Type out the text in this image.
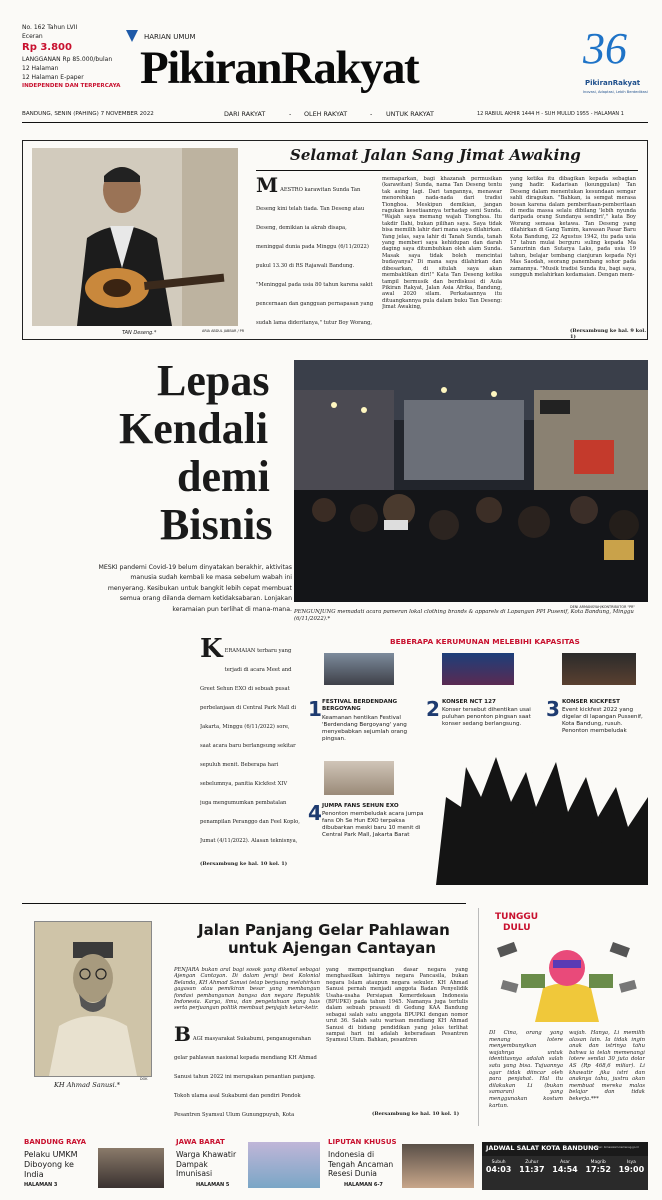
No. 162 Tahun LVII
Eceran
Rp 3.800
LANGGANAN Rp 85.000/bulan
12 Halaman
12 Halaman E-paper
INDEPENDEN DAN TERPERCAYA
HARIAN UMUM
PikiranRakyat	36
PikiranRakyat
Inovasi, Adaptasi, Lebih Berdedikasi
BANDUNG, SENIN (PAHING) 7 NOVEMBER 2022	DARI RAKYAT	- OLEH RAKYAT	- UNTUK RAKYAT	12 RABIUL AKHIR 1444 H - SUH MULUD 1955 - HALAMAN 1
ARIA ABDUL JABBAR / PR
TAN Deseng.*
Selamat Jalan Sang Jimat Awaking
M AESTRO karawitan Sunda Tan Deseng kini telah tiada. Tan Deseng atau Deseng, demikian ia akrab disapa, meninggal dunia pada Minggu (6/11/2022) pukul 13.30 di RS Rajawali Bandung. "Meninggal pada usia 80 tahun karena sakit pencernaan dan gangguan pernapasan yang sudah lama dideritanya," tutur Boy Worang,
memaparkan, bagi khazanah permusikan (karawitan) Sunda, nama Tan Deseng tentu tak asing lagi. Dari tangannya, menawar menorehkan nada-nada dari tradisi Tionghoa. Meskipun demikian, jangan ragukan kesetiaannya terhadap seni Sunda. "Wajah saya memang wajah Tionghoa. Itu takdir Ilahi, bukan pilihan saya. Saya tidak bisa memilih lahir dari mana saya dilahirkan. Yang jelas, saya lahir di Tanah Sunda, tanah yang memberi saya kehidupan dan darah daging saya ditumbuhkan oleh alam Sunda. Masak saya tidak boleh mencintai budayanya? Di mana saya dilahirkan dan dibesarkan, di situlah saya akan membaktikan diri!" Kata Tan Deseng ketika tampil bermusik dan berdiskusi di Aula Pikiran Rakyat, Jalan Asia Afrika, Bandung, awal 2020 silam. Perkataannya itu dituangkannya pula dalam buku Tan Deseng: Jimat Awaking,
yang ketika itu dibagikan kepada sebagian yang hadir. Kadarisan (keunggulan) Tan Deseng dalam menentukan kesundaan semgar sahli diragukan. "Bahkan, ia semgat merasa bosan karena dalam pemberitaan-pemberitaan di media massa selalu dibilang 'lebih nyunda daripada orang Sundanya sendiri'," kata Boy Worang semasa ketawa. Tan Deseng yang dilahirkan di Gang Tamim, kawasan Pasar Baru Kota Bandung, 22 Agustus 1942, itu pada usia 17 tahun mulai berguru suling kepada Ma Sanurinin dan Sutarya Laks, pada usia 19 tahun, belajar tembang cianjuran kepada Nyi Mas Saodah, seorang panembang sohor pada zamannya. "Musik tradisi Sunda itu, bagi saya, sungguh melahirkan kedamaian. Dengan mem-
(Bersambung ke hal. 9 kol. 1)
Lepas
Kendali
demi
Bisnis
DENI ARMANSYAH/KONTRIBUTOR "PR"
PENGUNJUNG memadati acara pameran lokal clothing brands & apparels di Lapangan PPI Pusenif, Kota Bandung, Minggu (6/11/2022).*
MESKI pandemi Covid-19 belum dinyatakan berakhir, aktivitas manusia sudah kembali ke masa sebelum wabah ini menyerang. Kesibukan untuk bangkit lebih cepat membuat semua orang dilanda demam ketidaksabaran. Lonjakan keramaian pun terlihat di mana-mana.
K ERAMAIAN terbaru yang terjadi di acara Meet and Greet Sehun EXO di sebuah pusat perbelanjaan di Central Park Mall di Jakarta, Minggu (6/11/2022) sore, saat acara baru berlangsung sekitar sepuluh menit. Beberapa hari sebelumnya, panitia Kickfest XIV juga mengumumkan pembatalan penampilan Peranggo dan Feel Koplo, Jumat (4/11/2022). Alasan teknisnya,
(Bersambung ke hal. 10 kol. 1)
BEBERAPA KERUMUNAN MELEBIHI KAPASITAS
1 FESTIVAL BERDENDANG BERGOYANG
Keamanan hentikan Festival 'Berdendang Bergoyang' yang menyebabkan sejumlah orang pingsan.
2 KONSER NCT 127
Konser tersebut dihentikan usai puluhan penonton pingsan saat konser sedang berlangsung.
3 KONSER KICKFEST
Event kickfest 2022 yang digelar di lapangan Pussenif, Kota Bandung, rusuh. Penonton membeludak
4 JUMPA FANS SEHUN EXO
Penonton membeludak acara jumpa fans Oh Se Hun EXO terpaksa dibubarkan meski baru 10 menit di Central Park Mall, Jakarta Barat
DOK
KH Ahmad Sanusi.*
Jalan Panjang Gelar Pahlawan
untuk Ajengan Cantayan
PENJARA bukan aral bagi sosok yang dikenal sebagai Ajengan Cantayan. Di dalam jeruji besi Kolonial Belanda, KH Ahmad Sanusi tetap berjuang melahirkan gagasan atau pemikiran besar yang membangun fondasi pembangunan bangsa dan negara Republik Indonesia. Karya, ilmu, dan pengetahuan yang luas serta perjuangan politik membuat penjajah ketar-ketir.
B AGI masyarakat Sukabumi, penganugerahan gelar pahlawan nasional kepada mendiang KH Ahmad Sanusi tahun 2022 ini merupakan penantian panjang. Tokoh ulama asal Sukabumi dan pendiri Pondok Pesantren Syamsul Ulum Gunungpuyuh, Kota
yang memperjuangkan dasar negara yang menghasilkan lahirnya negara Pancasila, bukan negara Islam ataupun negara sekuler. KH Ahmad Sanusi pernah menjadi anggota Badan Penyelidik Usaha-usaha Persiapan Kemerdekaan Indonesia (BPUPKI) pada tahun 1945. Namanya juga tertulis dalam sebuah prasasti di Gedung KAA Bandung sebagai salah satu anggota BPUPKI dengan nomor urut 36. Salah satu warisan mendiang KH Ahmad Sanusi di bidang pendidikan yang jelas terlihat sampai hari ini adalah keberadaan Pesantren Syamsul Ulum. Bahkan, pesantren
(Bersambung ke hal. 10 kol. 1)
TUNGGU
DULU
DI Cina, orang yang menang lotere menyembunyikan wajahnya untuk identitasnya adalah salah satu yang bisa. Tujuannya agar tidak diincar oleh para penjahat. Hal itu dilakukan Li (bukan samaran) yang menggunakan kostum kartun.
wajah. Hanya, Li memilih alasan lain. Ia tidak ingin anak dan istrinya tahu bahwa ia telah memenangi lotere senilai 30 juta dolar AS (Rp 468,6 miliar). Li khawatir jika istri dan anaknya tahu, justru akan membuat mereka malas belajar dan tidak bekerja.***
BANDUNG RAYA
Pelaku UMKM Diboyong ke India
HALAMAN 3
JAWA BARAT
Warga Khawatir Dampak Imunisasi
HALAMAN 5
LIPUTAN KHUSUS
Indonesia di Tengah Ancaman Resesi Dunia
HALAMAN 6-7
JADWAL SALAT KOTA BANDUNG
Sumber: bimasislam.kemenag.go.id
Subuh
04:03
Zuhur
11:37
Asar
14:54
Magrib
17:52
Isya
19:00
